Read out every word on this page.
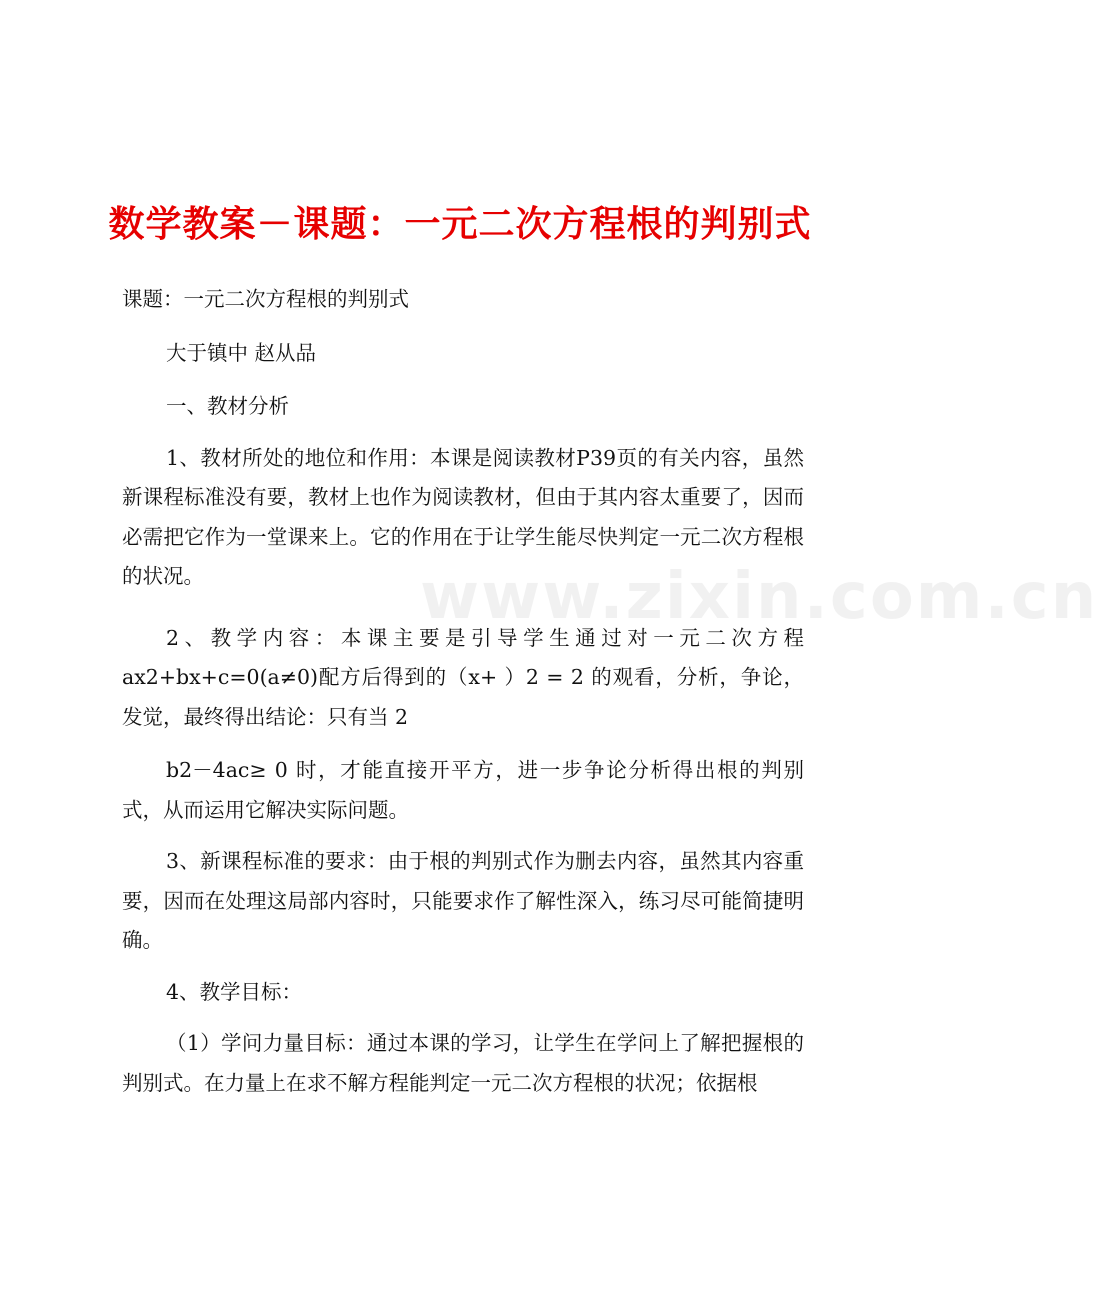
www.zixin.com.cn
数学教案－课题：一元二次方程根的判别式

课题：一元二次方程根的判别式

大于镇中 赵从品

一、教材分析

1、教材所处的地位和作用：本课是阅读教材P39页的有关内容，虽然新课程标准没有要，教材上也作为阅读教材，但由于其内容太重要了，因而必需把它作为一堂课来上。它的作用在于让学生能尽快判定一元二次方程根的状况。

2、教学内容：本课主要是引导学生通过对一元二次方程ax2+bx+c=0(a≠0)配方后得到的（x+ ）2 = 2 的观看，分析，争论，发觉，最终得出结论：只有当 2

b2－4ac≥ 0 时，才能直接开平方，进一步争论分析得出根的判别式，从而运用它解决实际问题。

3、新课程标准的要求：由于根的判别式作为删去内容，虽然其内容重要，因而在处理这局部内容时，只能要求作了解性深入，练习尽可能简捷明确。

4、教学目标：

（1）学问力量目标：通过本课的学习，让学生在学问上了解把握根的判别式。在力量上在求不解方程能判定一元二次方程根的状况；依据根
